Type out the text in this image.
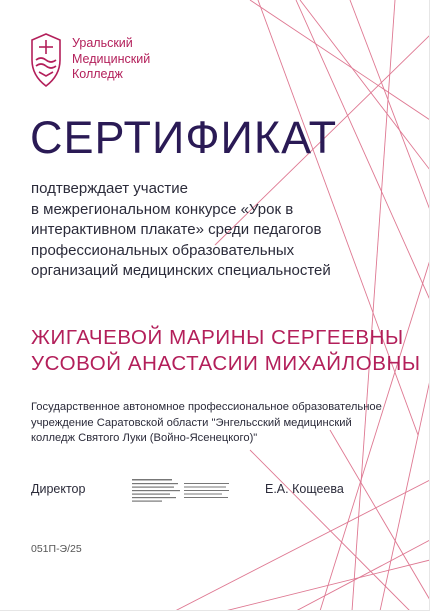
Уральский
Медицинский
Колледж
СЕРТИФИКАТ
подтверждает участие
в межрегиональном конкурсе «Урок в
интерактивном плакате» среди педагогов
профессиональных образовательных
организаций медицинских специальностей
ЖИГАЧЕВОЙ МАРИНЫ СЕРГЕЕВНЫ
УСОВОЙ АНАСТАСИИ МИХАЙЛОВНЫ
Государственное автономное профессиональное образовательное
учреждение Саратовской области "Энгельсский медицинский
колледж Святого Луки (Войно-Ясенецкого)"
Директор	Е.А. Кощеева
051П-Э/25
